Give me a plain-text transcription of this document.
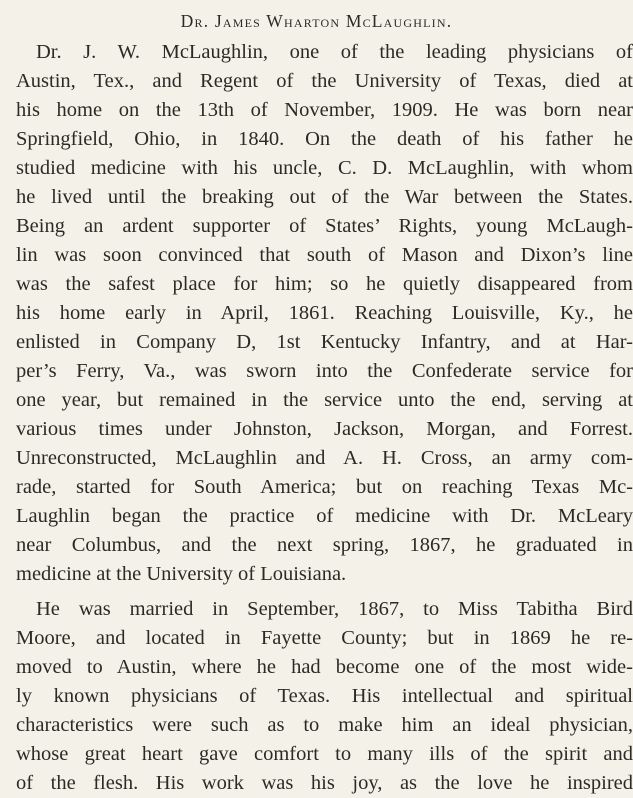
Dr. James Wharton McLaughlin.
Dr. J. W. McLaughlin, one of the leading physicians of
Austin, Tex., and Regent of the University of Texas, died at
his home on the 13th of November, 1909. He was born near
Springfield, Ohio, in 1840. On the death of his father he
studied medicine with his uncle, C. D. McLaughlin, with whom
he lived until the breaking out of the War between the States.
Being an ardent supporter of States’ Rights, young McLaugh-
lin was soon convinced that south of Mason and Dixon’s line
was the safest place for him; so he quietly disappeared from
his home early in April, 1861. Reaching Louisville, Ky., he
enlisted in Company D, 1st Kentucky Infantry, and at Har-
per’s Ferry, Va., was sworn into the Confederate service for
one year, but remained in the service unto the end, serving at
various times under Johnston, Jackson, Morgan, and Forrest.
Unreconstructed, McLaughlin and A. H. Cross, an army com-
rade, started for South America; but on reaching Texas Mc-
Laughlin began the practice of medicine with Dr. McLeary
near Columbus, and the next spring, 1867, he graduated in
medicine at the University of Louisiana.
He was married in September, 1867, to Miss Tabitha Bird
Moore, and located in Fayette County; but in 1869 he re-
moved to Austin, where he had become one of the most wide-
ly known physicians of Texas. His intellectual and spiritual
characteristics were such as to make him an ideal physician,
whose great heart gave comfort to many ills of the spirit and
of the flesh. His work was his joy, as the love he inspired
